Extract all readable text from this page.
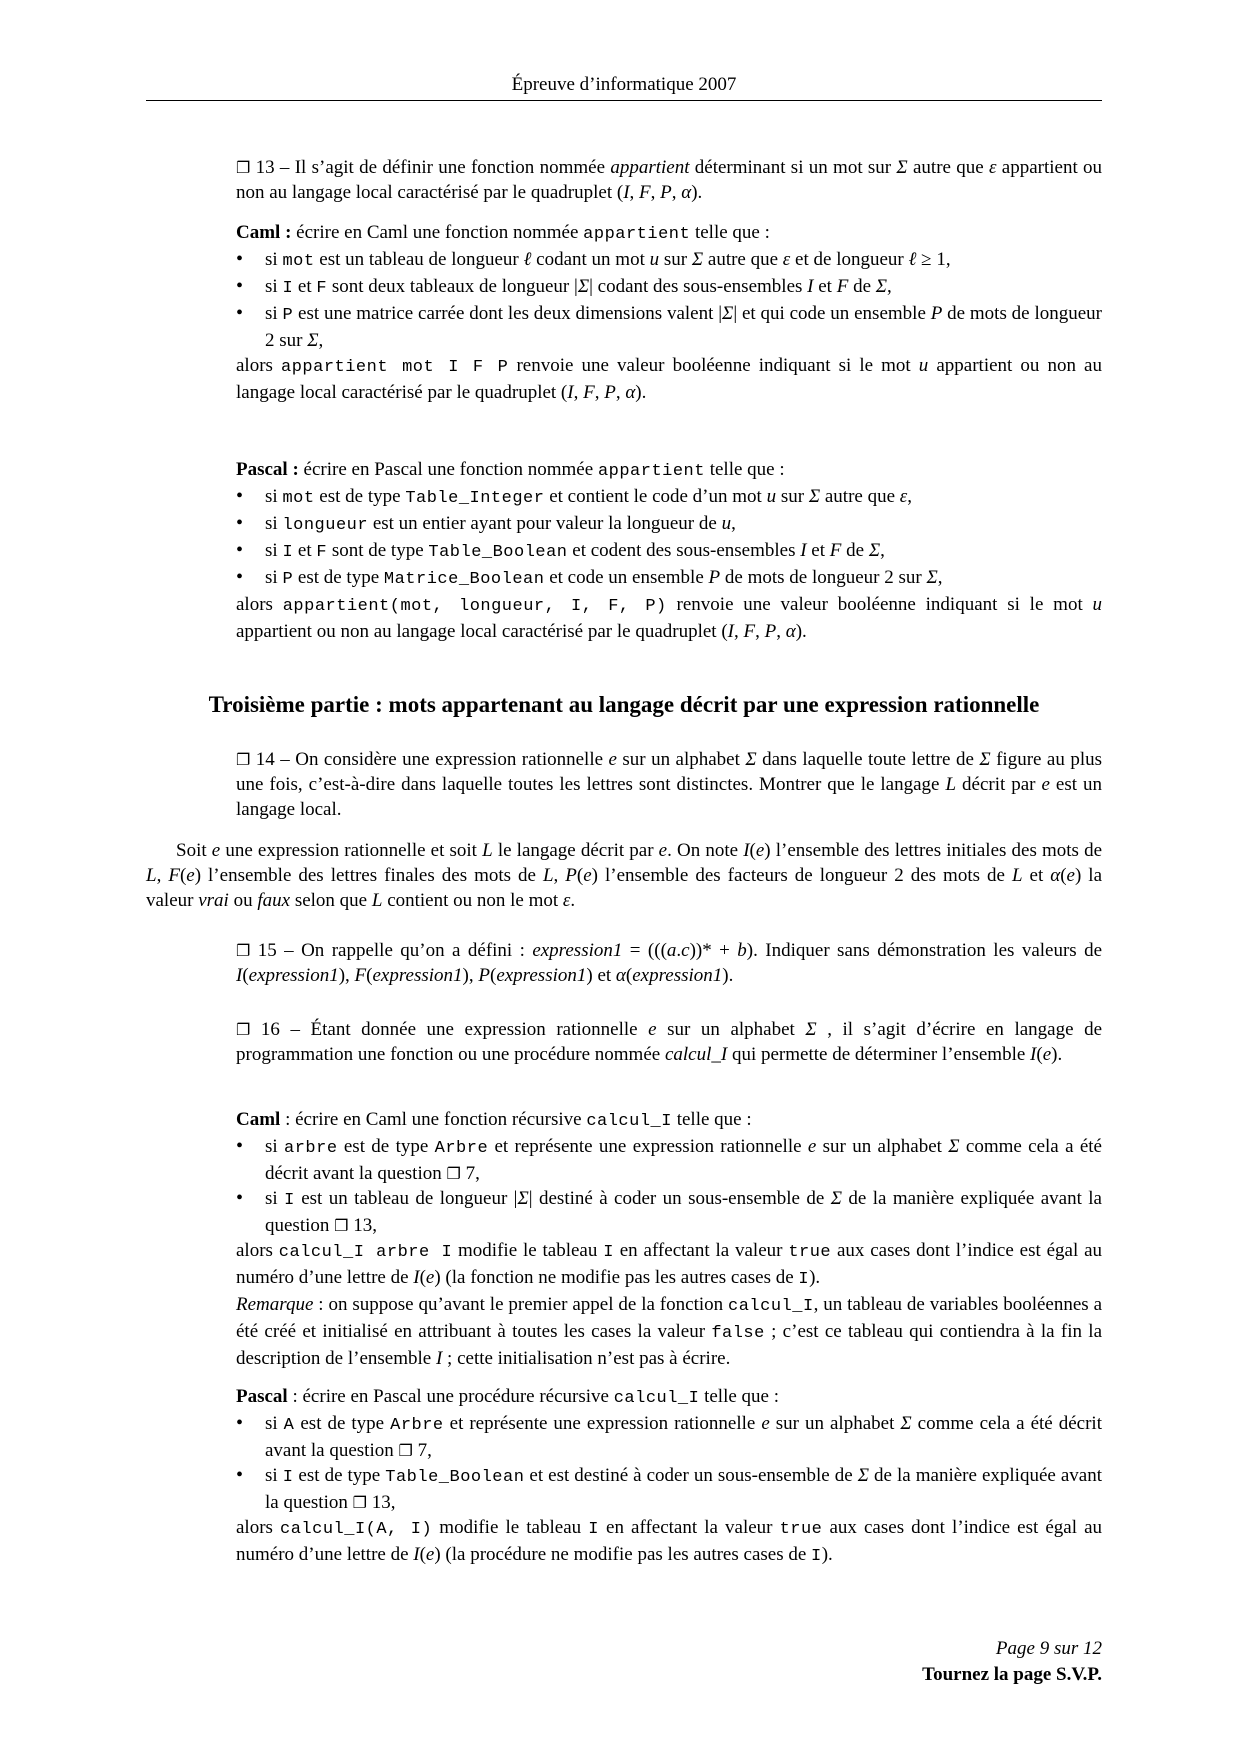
Épreuve d’informatique 2007

❐ 13 – Il s’agit de définir une fonction nommée appartient déterminant si un mot sur Σ autre que ε appartient ou non au langage local caractérisé par le quadruplet (I, F, P, α).

Caml : écrire en Caml une fonction nommée appartient telle que :

• si mot est un tableau de longueur ℓ codant un mot u sur Σ autre que ε et de longueur ℓ ≥ 1,
• si I et F sont deux tableaux de longueur |Σ| codant des sous-ensembles I et F de Σ,
• si P est une matrice carrée dont les deux dimensions valent |Σ| et qui code un ensemble P de mots de longueur 2 sur Σ,

alors appartient mot I F P renvoie une valeur booléenne indiquant si le mot u appartient ou non au langage local caractérisé par le quadruplet (I, F, P, α).

Pascal : écrire en Pascal une fonction nommée appartient telle que :

• si mot est de type Table_Integer et contient le code d’un mot u sur Σ autre que ε,
• si longueur est un entier ayant pour valeur la longueur de u,
• si I et F sont de type Table_Boolean et codent des sous-ensembles I et F de Σ,
• si P est de type Matrice_Boolean et code un ensemble P de mots de longueur 2 sur Σ,

alors appartient(mot, longueur, I, F, P) renvoie une valeur booléenne indiquant si le mot u appartient ou non au langage local caractérisé par le quadruplet (I, F, P, α).

Troisième partie : mots appartenant au langage décrit par une expression rationnelle

❐ 14 – On considère une expression rationnelle e sur un alphabet Σ dans laquelle toute lettre de Σ figure au plus une fois, c’est-à-dire dans laquelle toutes les lettres sont distinctes. Montrer que le langage L décrit par e est un langage local.

Soit e une expression rationnelle et soit L le langage décrit par e. On note I(e) l’ensemble des lettres initiales des mots de L, F(e) l’ensemble des lettres finales des mots de L, P(e) l’ensemble des facteurs de longueur 2 des mots de L et α(e) la valeur vrai ou faux selon que L contient ou non le mot ε.

❐ 15 – On rappelle qu’on a défini : expression1 = (((a.c))* + b). Indiquer sans démonstration les valeurs de I(expression1), F(expression1), P(expression1) et α(expression1).

❐ 16 – Étant donnée une expression rationnelle e sur un alphabet Σ , il s’agit d’écrire en langage de programmation une fonction ou une procédure nommée calcul_I qui permette de déterminer l’ensemble I(e).

Caml : écrire en Caml une fonction récursive calcul_I telle que :

• si arbre est de type Arbre et représente une expression rationnelle e sur un alphabet Σ comme cela a été décrit avant la question ❐ 7,
• si I est un tableau de longueur |Σ| destiné à coder un sous-ensemble de Σ de la manière expliquée avant la question ❐ 13,

alors calcul_I arbre I modifie le tableau I en affectant la valeur true aux cases dont l’indice est égal au numéro d’une lettre de I(e) (la fonction ne modifie pas les autres cases de I).

Remarque : on suppose qu’avant le premier appel de la fonction calcul_I, un tableau de variables booléennes a été créé et initialisé en attribuant à toutes les cases la valeur false ; c’est ce tableau qui contiendra à la fin la description de l’ensemble I ; cette initialisation n’est pas à écrire.

Pascal : écrire en Pascal une procédure récursive calcul_I telle que :

• si A est de type Arbre et représente une expression rationnelle e sur un alphabet Σ comme cela a été décrit avant la question ❐ 7,
• si I est de type Table_Boolean et est destiné à coder un sous-ensemble de Σ de la manière expliquée avant la question ❐ 13,

alors calcul_I(A, I) modifie le tableau I en affectant la valeur true aux cases dont l’indice est égal au numéro d’une lettre de I(e) (la procédure ne modifie pas les autres cases de I).

Page 9 sur 12
Tournez la page S.V.P.
